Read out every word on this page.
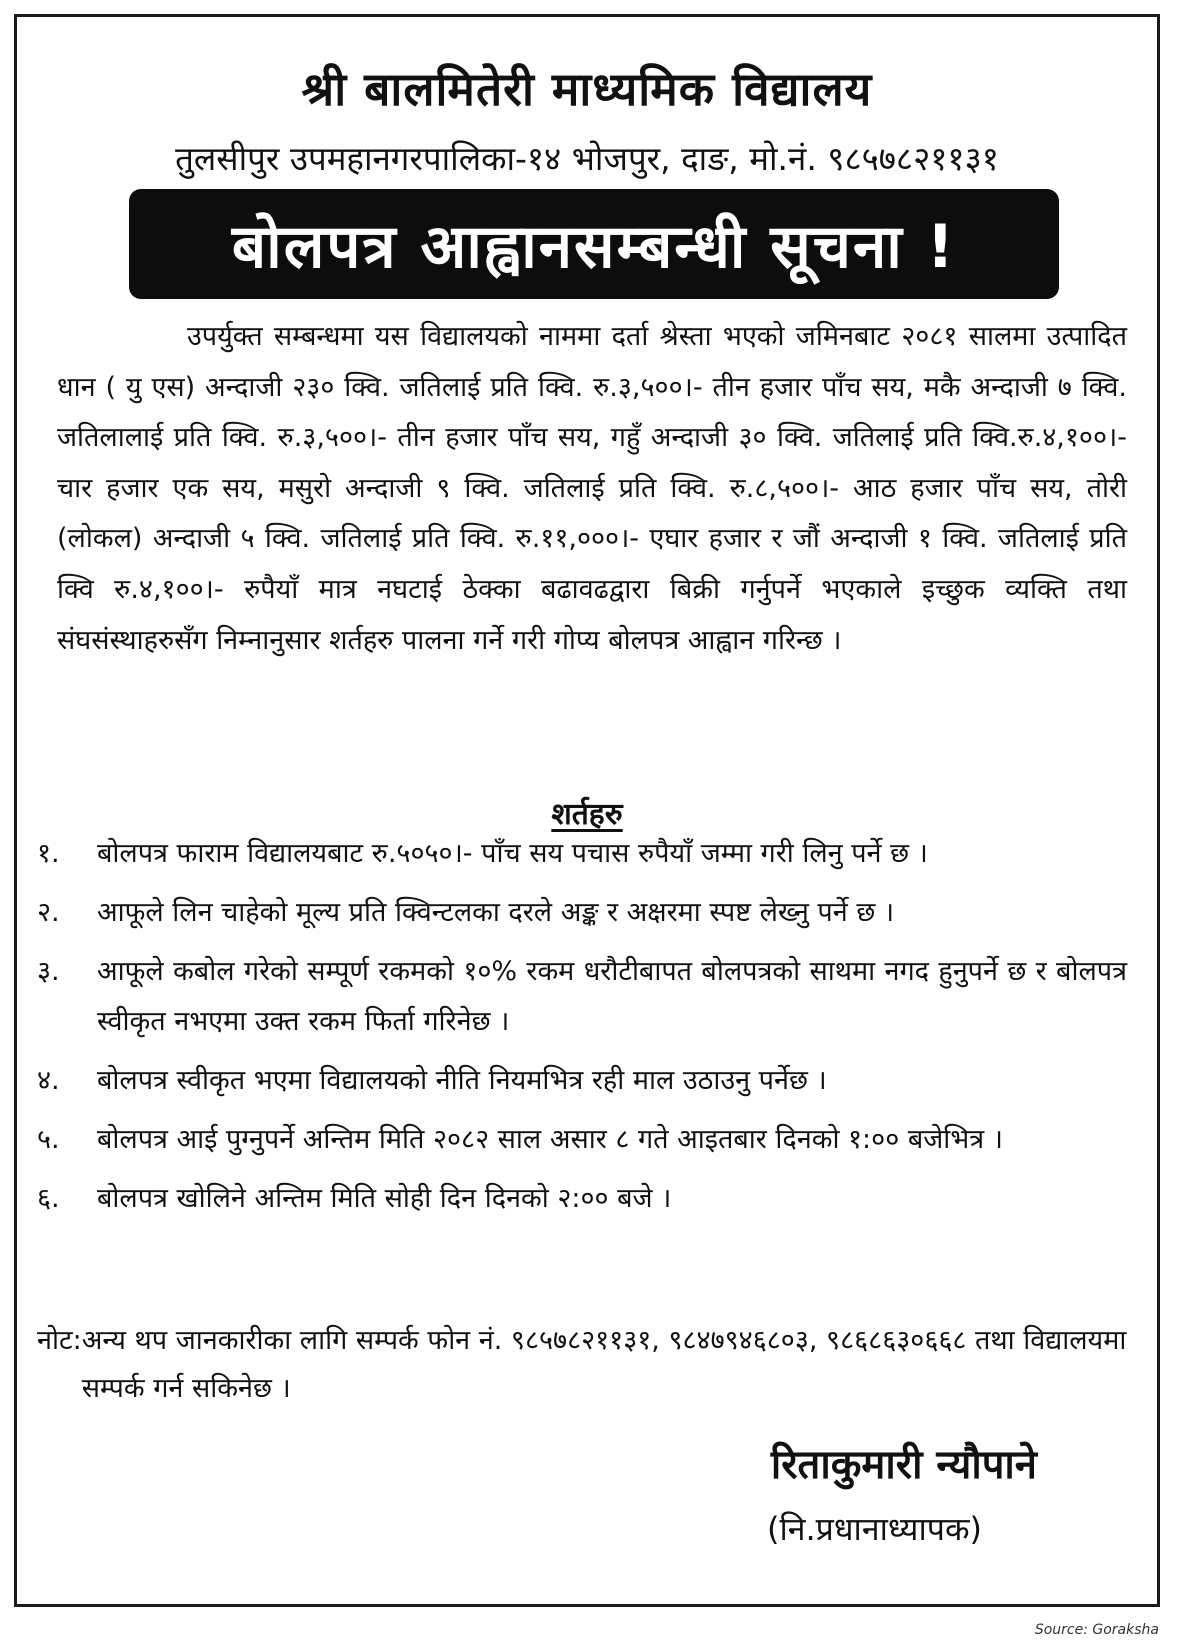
श्री बालमितेरी माध्यमिक विद्यालय
तुलसीपुर उपमहानगरपालिका-१४ भोजपुर, दाङ, मो.नं. ९८५७८२११३१
बोलपत्र आह्वानसम्बन्धी सूचना !

उपर्युक्त सम्बन्धमा यस विद्यालयको नाममा दर्ता श्रेस्ता भएको जमिनबाट २०८१ सालमा उत्पादित धान ( यु एस) अन्दाजी २३० क्वि. जतिलाई प्रति क्वि. रु.३,५००।- तीन हजार पाँच सय, मकै अन्दाजी ७ क्वि. जतिलालाई प्रति क्वि. रु.३,५००।- तीन हजार पाँच सय, गहुँ अन्दाजी ३० क्वि. जतिलाई प्रति क्वि.रु.४,१००।- चार हजार एक सय, मसुरो अन्दाजी ९ क्वि. जतिलाई प्रति क्वि. रु.८,५००।- आठ हजार पाँच सय, तोरी (लोकल) अन्दाजी ५ क्वि. जतिलाई प्रति क्वि. रु.११,०००।- एघार हजार र जौं अन्दाजी १ क्वि. जतिलाई प्रति क्वि रु.४,१००।- रुपैयाँ मात्र नघटाई ठेक्का बढावढद्वारा बिक्री गर्नुपर्ने भएकाले इच्छुक व्यक्ति तथा संघसंस्थाहरुसँग निम्नानुसार शर्तहरु पालना गर्ने गरी गोप्य बोलपत्र आह्वान गरिन्छ ।

शर्तहरु
१.	बोलपत्र फाराम विद्यालयबाट रु.५०५०।- पाँच सय पचास रुपैयाँ जम्मा गरी लिनु पर्ने छ ।
२.	आफूले लिन चाहेको मूल्य प्रति क्विन्टलका दरले अङ्क र अक्षरमा स्पष्ट लेख्नु पर्ने छ ।
३.	आफूले कबोल गरेको सम्पूर्ण रकमको १०% रकम धरौटीबापत बोलपत्रको साथमा नगद हुनुपर्ने छ र बोलपत्र स्वीकृत नभएमा उक्त रकम फिर्ता गरिनेछ ।
४.	बोलपत्र स्वीकृत भएमा विद्यालयको नीति नियमभित्र रही माल उठाउनु पर्नेछ ।
५.	बोलपत्र आई पुग्नुपर्ने अन्तिम मिति २०८२ साल असार ८ गते आइतबार दिनको १:०० बजेभित्र ।
६.	बोलपत्र खोलिने अन्तिम मिति सोही दिन दिनको २:०० बजे ।

नोट: अन्य थप जानकारीका लागि सम्पर्क फोन नं. ९८५७८२११३१, ९८४७९४६८०३, ९८६८६३०६६८ तथा विद्यालयमा सम्पर्क गर्न सकिनेछ ।

रिताकुमारी न्यौपाने
(नि.प्रधानाध्यापक)
Source: Goraksha
